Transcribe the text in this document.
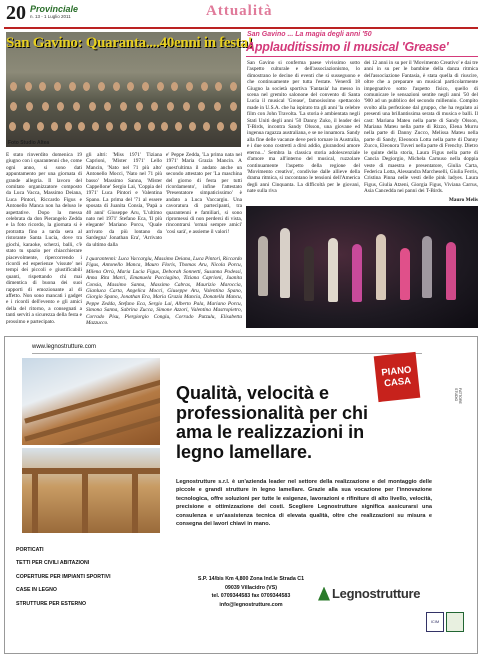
20 Provinciale
n. 13 - 1 Luglio 2011	Attualità
San Gavino: Quaranta....40enni in festa!
Foto Studio Altea
È stato rinverdito domenica 19 giugno con i quarantenni che, come ogni anno, si sono dati appuntamento per una giornata di grande allegria. Il lavoro del comitato organizzatore composto da Luca Vacca, Massimo Deiana, Luca Pintori, Riccardo Figus e Antonello Manca non ha deluso le aspettative. Dopo la messa celebrata da don Pierangelo Zedda e la foto ricordo, la giornata si è protratta fino a tarda sera al ristorante Santa Lucia, dove tra giochi, karaoke, scherzi, balli, c'è stato tu spazio per chiacchierare piacevolmente, ripercorrendo i ricordi ed esperienze 'vissute' nei tempi dei piccoli e giustificabili quanti, rispettando chi mai dimentica di buona dei suoi rapporti di emozionante al di affetto. Non sono mancati i gadget e i ricordi dell'evento e gli amici della del ritorno, a consegnati a tanti serviti a sicurezza della festa e prossimo e partecipato.
gli altri: 'Miss 1971' Tiziana Caprioni, 'Mister 1971' Lello Mancin, 'Nato nel 71 più alto' Antonello Mocci, 'Nato nel 71 più basso' Massimo Sanna, 'Mister Cappellone' Sergio Lai, 'Coppia del 1971' Luca Pintori e Valentina Spano. La prima del '71 al essere sposata di Juanita Consia, 'Papà a 40 anni' Giuseppe Aru, 'L'ultimo nato nel 1971' Stefano Eca, 'Il più elegante' Mariano Porcu, 'Quale arrivato da più lontano da Sardegna' Jonathan Era', 'Arrivato da ultimo dalla
e' Peppe Zedda, 'La prima nata nel 1971' Maria Grazia Mancin. A quest'ultima il andato anche un secondo attestato per 'La maschina del giorno di festa per tutti ricordamento', infine l'attestato 'Presentatore simpaticissimo' è andato a Luca Vaccargiu. Una cavoratura di partecipanti, tra quarantenni e familiari, si sono ripromessi di non perdersi di vista, rincontrarsi 'ormai sempre amici' 'così sarà', e assieme il valori!
I quarantenni: Luca Vaccargiu, Massimo Deiana, Luca Pintori, Riccardo Figus, Antonello Manca, Mauro Floris, Thomas Aru, Nicola Porcu, Milena Orrù, Maria Lucia Figus, Deborah Sonnetti, Susanna Podessi, Anna Rita Marci, Emanuela Pacciagino, Tiziana Caprioni, Juanita Consia, Massimo Sanna, Massimo Cabras, Maurizio Maroccia, Gianluca Carta, Angelica Mocci, Giuseppe Aru, Valentina Spano, Giorgio Spano, Jonathan Era, Maria Grazia Mancia, Donatella Mancu, Peppe Zedda, Stefano Eca, Sergio Lai, Alberto Pala, Mariano Porcu, Simona Sanna, Sabrina Zucca, Simone Azzori, Valentina Mastropietro, Corrado Pisu, Piergiorgio Congiu, Corrado Putzulu, Elisabetta Mazzucco.
San Gavino ... La magia degli anni '50
Applauditissimo il musical 'Grease'
San Gavino si conferma paese vivissimo sotto l'aspetto culturale e dell'associazionismo, lo dimostrano le decine di eventi che si susseguono e che continuamente per tutta l'estate. Venerdì 18 Giugno la società sportiva 'Fantasia' ha messo in scena nel gremito salonone del convento di Santa Lucia il musical 'Grease', famosissimo spettacolo made in U.S.A. che ha ispirato tra gli anni 'la celebre film con John Travolta. 'La storia è ambientata negli Stati Uniti degli anni '50 Danny Zuko, il leader dei T-Birds, incontra Sandy Olsson, una giovane ed ingenua ragazza australiana, e se ne innamora. Sandy alla fine delle vacanze deve però tornare in Australia, e i due sono costretti a dirsi addio, giurandosi amore eterno...' Sembra la classica storia adolescenziale d'amore ma all'interno del musical, ruzzolare continuamente l'aspetto della regione del 'Movimento creativo', condivise dalle allieve della drama ritmica, si raccontano le tensioni dell'America degli anni Cinquanta. La difficoltà per le giovani, nate sulla riva
dei 12 anni in su per il 'Movimento Creativo' e dai tre anni in su per le bambine della danza ritmica dell'associazione Fantasia, è stata quella di riuscire, oltre che a preparare un musical particolarmente impegnativo sotto l'aspetto fisico, quello di comunicare le sensazioni sentite negli anni '50 del '900 ad un pubblico del secondo millennio. Compito svolto alla perfezione dal gruppo, che ha regalato ai presenti una brillantissima serata di musica e balli. Il cast: Mariana Mateu nella parte di Sandy Olsson, Mariana Mateu nella parte di Rizzo, Elena Murru nella parte di Danny Zucco, Melissa Mateu nella parte di Sandy, Eleonora Lotta nella parte di Danny Zucco, Eleonora Tuveri nella parte di Frenchy. Dietro le quinte della storia, Laura Figus nella parte di Cancia Degiorgio, Michela Carnuso nella doppia veste di maestra e presentatore, Giulia Carta, Federica Lotta, Alessandra Marcheselli, Giulia Ferris, Cristina Pinna nelle vesti delle pink ladyes. Laura Figus, Giulia Atzeni, Giorgia Figus, Viviana Carrus, Asia Cancedda nei panni dei T-Birds.
Mauro Melis
www.legnostrutture.com
PIANO CASA
FATTORE STUDIO
Qualità, velocità e professionalità per chi ama le realizzazioni in legno lamellare.
Legnostrutture s.r.l. è un'azienda leader nel settore della realizzazione e del montaggio delle piccole e grandi strutture in legno lamellare. Grazie alla sua vocazione per l'innovazione tecnologica, offre soluzioni per tutte le esigenze, lavorazioni e rifiniture di alto livello, velocità, precisione e ottimizzazione dei costi. Scegliere Legnostrutture significa assicurarsi una consulenza e un'assistenza tecnica di elevata qualità, oltre che realizzazioni su misura e consegna dei lavori chiavi in mano.
PORTICATI
TETTI PER CIVILI ABITAZIONI
COPERTURE PER IMPIANTI SPORTIVI
CASE IN LEGNO
STRUTTURE PER ESTERNO
S.P. 14/bis Km 4,800 Zona Ind.le Strada C1
09039 Villacidro (VS)
tel. 0709344583 fax 0709344583
info@legnostrutture.com
Legnostrutture
ICIM
